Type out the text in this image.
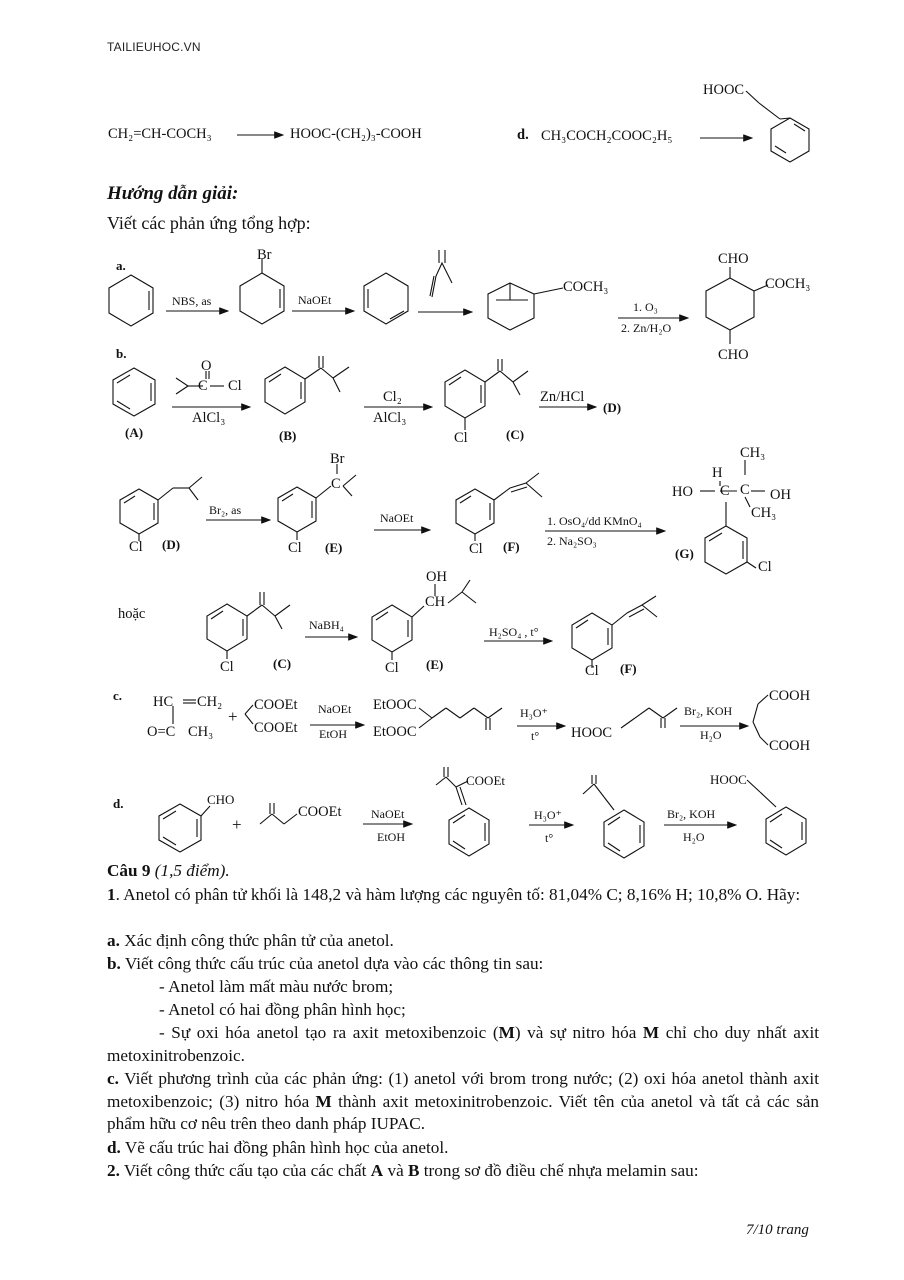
TAILIEUHOC.VN
CH₂=CH-COCH₃	HOOC-(CH₂)₃-COOH	d. CH₃COCH₂COOC₂H₅
HOOC
Hướng dẫn giải:
Viết các phản ứng tổng hợp:
a.
Br
NBS, as	NaOEt
COCH₃
1. O₃
2. Zn/H₂O
CHO
COCH₃
CHO
b.
(A)
C
O
Cl
AlCl₃
(B)
Cl₂
AlCl₃
Cl	(C)
Zn/HCl
(D)
Cl (D)
Br₂, as
Br
C
Cl (E)
NaOEt
Cl (F)
1. OsO₄/dd KMnO₄
2. Na₂SO₃
CH₃
H
C C
HO	OH
CH₃
(G)
Cl
hoặc
Cl	(C)
NaBH₄
OH
CH
Cl (E)
H₂SO₄ , t°
Cl (F)
c. HC CH₂
O=C CH₃
+
COOEt
COOEt
NaOEt
EtOH
EtOOC
EtOOC
H₃O⁺
t° HOOC
Br₂, KOH
H₂O
COOH
COOH
d.	CHO
+
COOEt NaOEt
EtOH
COOEt
H₃O⁺
t°
Br₂, KOH
H₂O
HOOC
Câu 9 (1,5 điểm).
1. Anetol có phân tử khối là 148,2 và hàm lượng các nguyên tố: 81,04% C; 8,16% H; 10,8% O. Hãy:
a. Xác định công thức phân tử của anetol.
b. Viết công thức cấu trúc của anetol dựa vào các thông tin sau:
- Anetol làm mất màu nước brom;
- Anetol có hai đồng phân hình học;
- Sự oxi hóa anetol tạo ra axit metoxibenzoic (M) và sự nitro hóa M chỉ cho duy nhất axit metoxinitrobenzoic.
c. Viết phương trình của các phản ứng: (1) anetol với brom trong nước; (2) oxi hóa anetol thành axit metoxibenzoic; (3) nitro hóa M thành axit metoxinitrobenzoic. Viết tên của anetol và tất cả các sản phẩm hữu cơ nêu trên theo danh pháp IUPAC.
d. Vẽ cấu trúc hai đồng phân hình học của anetol.
2. Viết công thức cấu tạo của các chất A và B trong sơ đồ điều chế nhựa melamin sau:
7/10 trang
